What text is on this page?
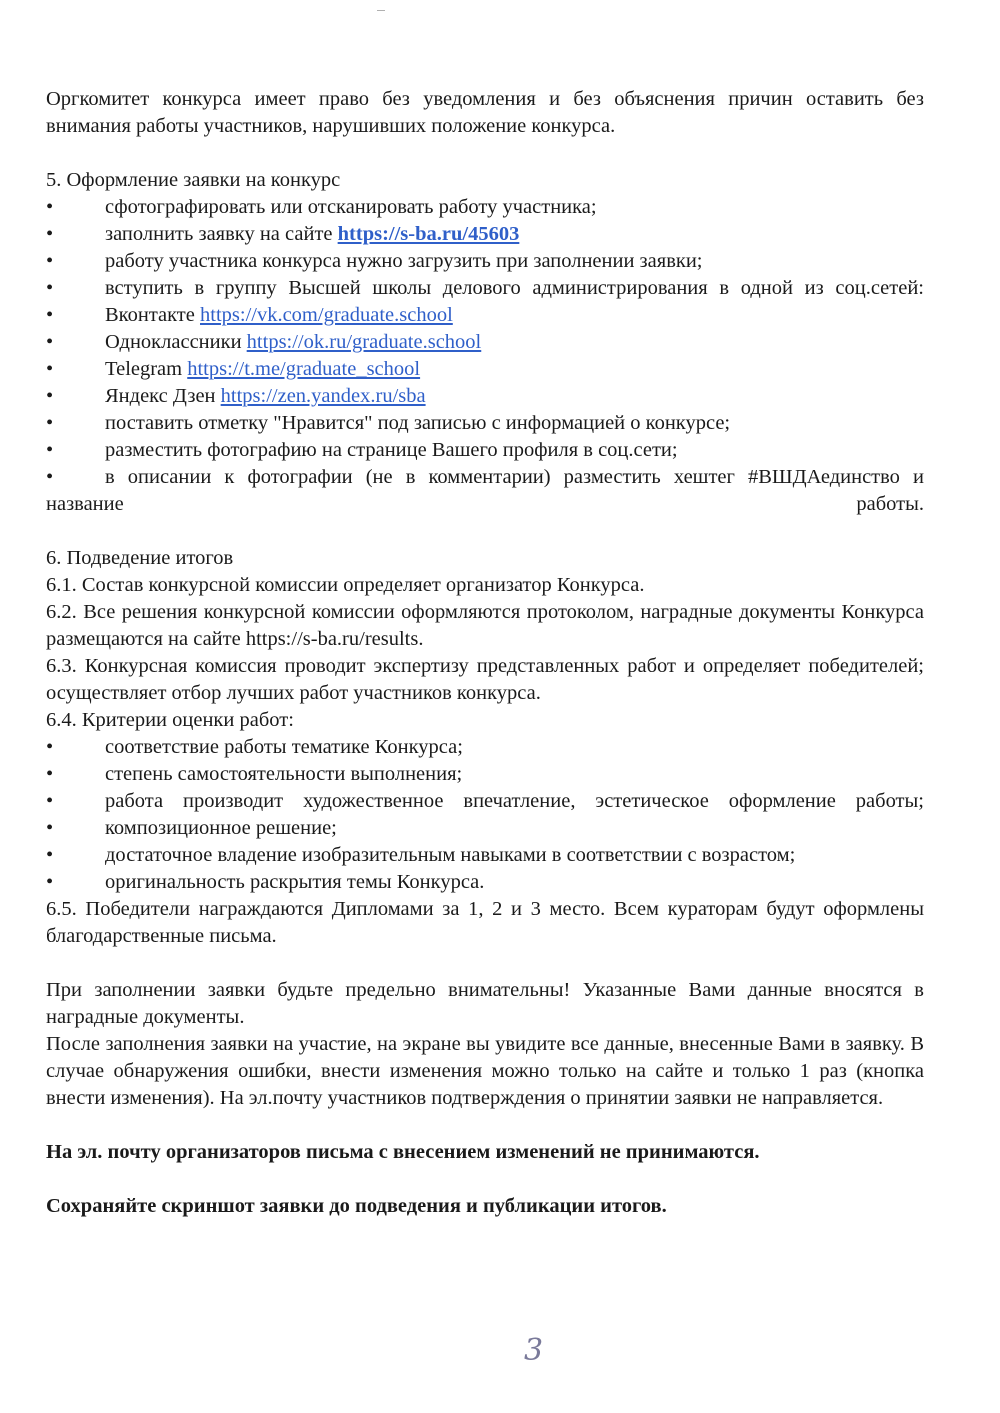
Оргкомитет конкурса имеет право без уведомления и без объяснения причин оставить без внимания работы участников, нарушивших положение конкурса.

5. Оформление заявки на конкурс

•	сфотографировать или отсканировать работу участника;
•	заполнить заявку на сайте https://s-ba.ru/45603
•	работу участника конкурса нужно загрузить при заполнении заявки;
•	вступить в группу Высшей школы делового администрирования в одной из соц.сетей:
•	Вконтакте https://vk.com/graduate.school
•	Одноклассники https://ok.ru/graduate.school
•	Telegram https://t.me/graduate_school
•	Яндекс Дзен https://zen.yandex.ru/sba
•	поставить отметку "Нравится" под записью с информацией о конкурсе;
•	разместить фотографию на странице Вашего профиля в соц.сети;
•	в описании к фотографии (не в комментарии) разместить хештег #ВШДАединство и название работы.

6. Подведение итогов

6.1. Состав конкурсной комиссии определяет организатор Конкурса.

6.2. Все решения конкурсной комиссии оформляются протоколом, наградные документы Конкурса размещаются на сайте https://s-ba.ru/results.

6.3. Конкурсная комиссия проводит экспертизу представленных работ и определяет победителей; осуществляет отбор лучших работ участников конкурса.

6.4. Критерии оценки работ:

•	соответствие работы тематике Конкурса;
•	степень самостоятельности выполнения;
•	работа производит художественное впечатление, эстетическое оформление работы;
•	композиционное решение;
•	достаточное владение изобразительным навыками в соответствии с возрастом;
•	оригинальность раскрытия темы Конкурса.

6.5. Победители награждаются Дипломами за 1, 2 и 3 место. Всем кураторам будут оформлены благодарственные письма.

При заполнении заявки будьте предельно внимательны! Указанные Вами данные вносятся в наградные документы.

После заполнения заявки на участие, на экране вы увидите все данные, внесенные Вами в заявку. В случае обнаружения ошибки, внести изменения можно только на сайте и только 1 раз (кнопка внести изменения). На эл.почту участников подтверждения о принятии заявки не направляется.

На эл. почту организаторов письма с внесением изменений не принимаются.

Сохраняйте скриншот заявки до подведения и публикации итогов.

3
